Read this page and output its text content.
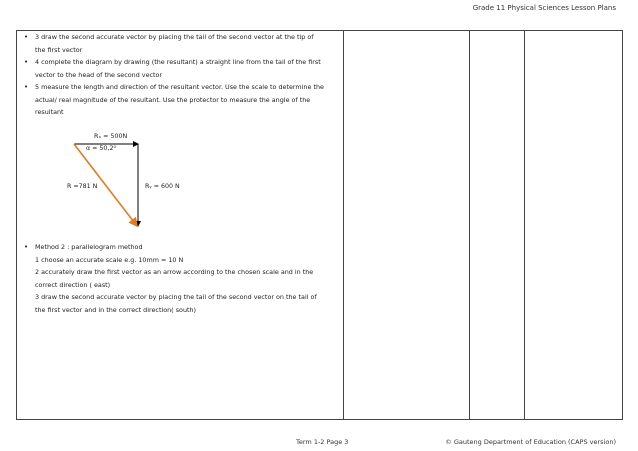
Grade 11 Physical Sciences Lesson Plans
• 3 draw the second accurate vector by placing the tail of the second vector at the tip of
the first vector
• 4 complete the diagram by drawing (the resultant) a straight line from the tail of the first
vector to the head of the second vector
• 5 measure the length and direction of the resultant vector. Use the scale to determine the
actual/ real magnitude of the resultant. Use the protector to measure the angle of the
resultant
Rₓ = 500N
α = 50,2⁰
R =781 N	Rᵧ = 600 N
• Method 2 : parallelogram method
1 choose an accurate scale e.g. 10mm = 10 N
2 accurately draw the first vector as an arrow according to the chosen scale and in the
correct direction ( east)
3 draw the second accurate vector by placing the tail of the second vector on the tail of
the first vector and in the correct direction( south)
Term 1-2 Page 3	© Gauteng Department of Education (CAPS version)
